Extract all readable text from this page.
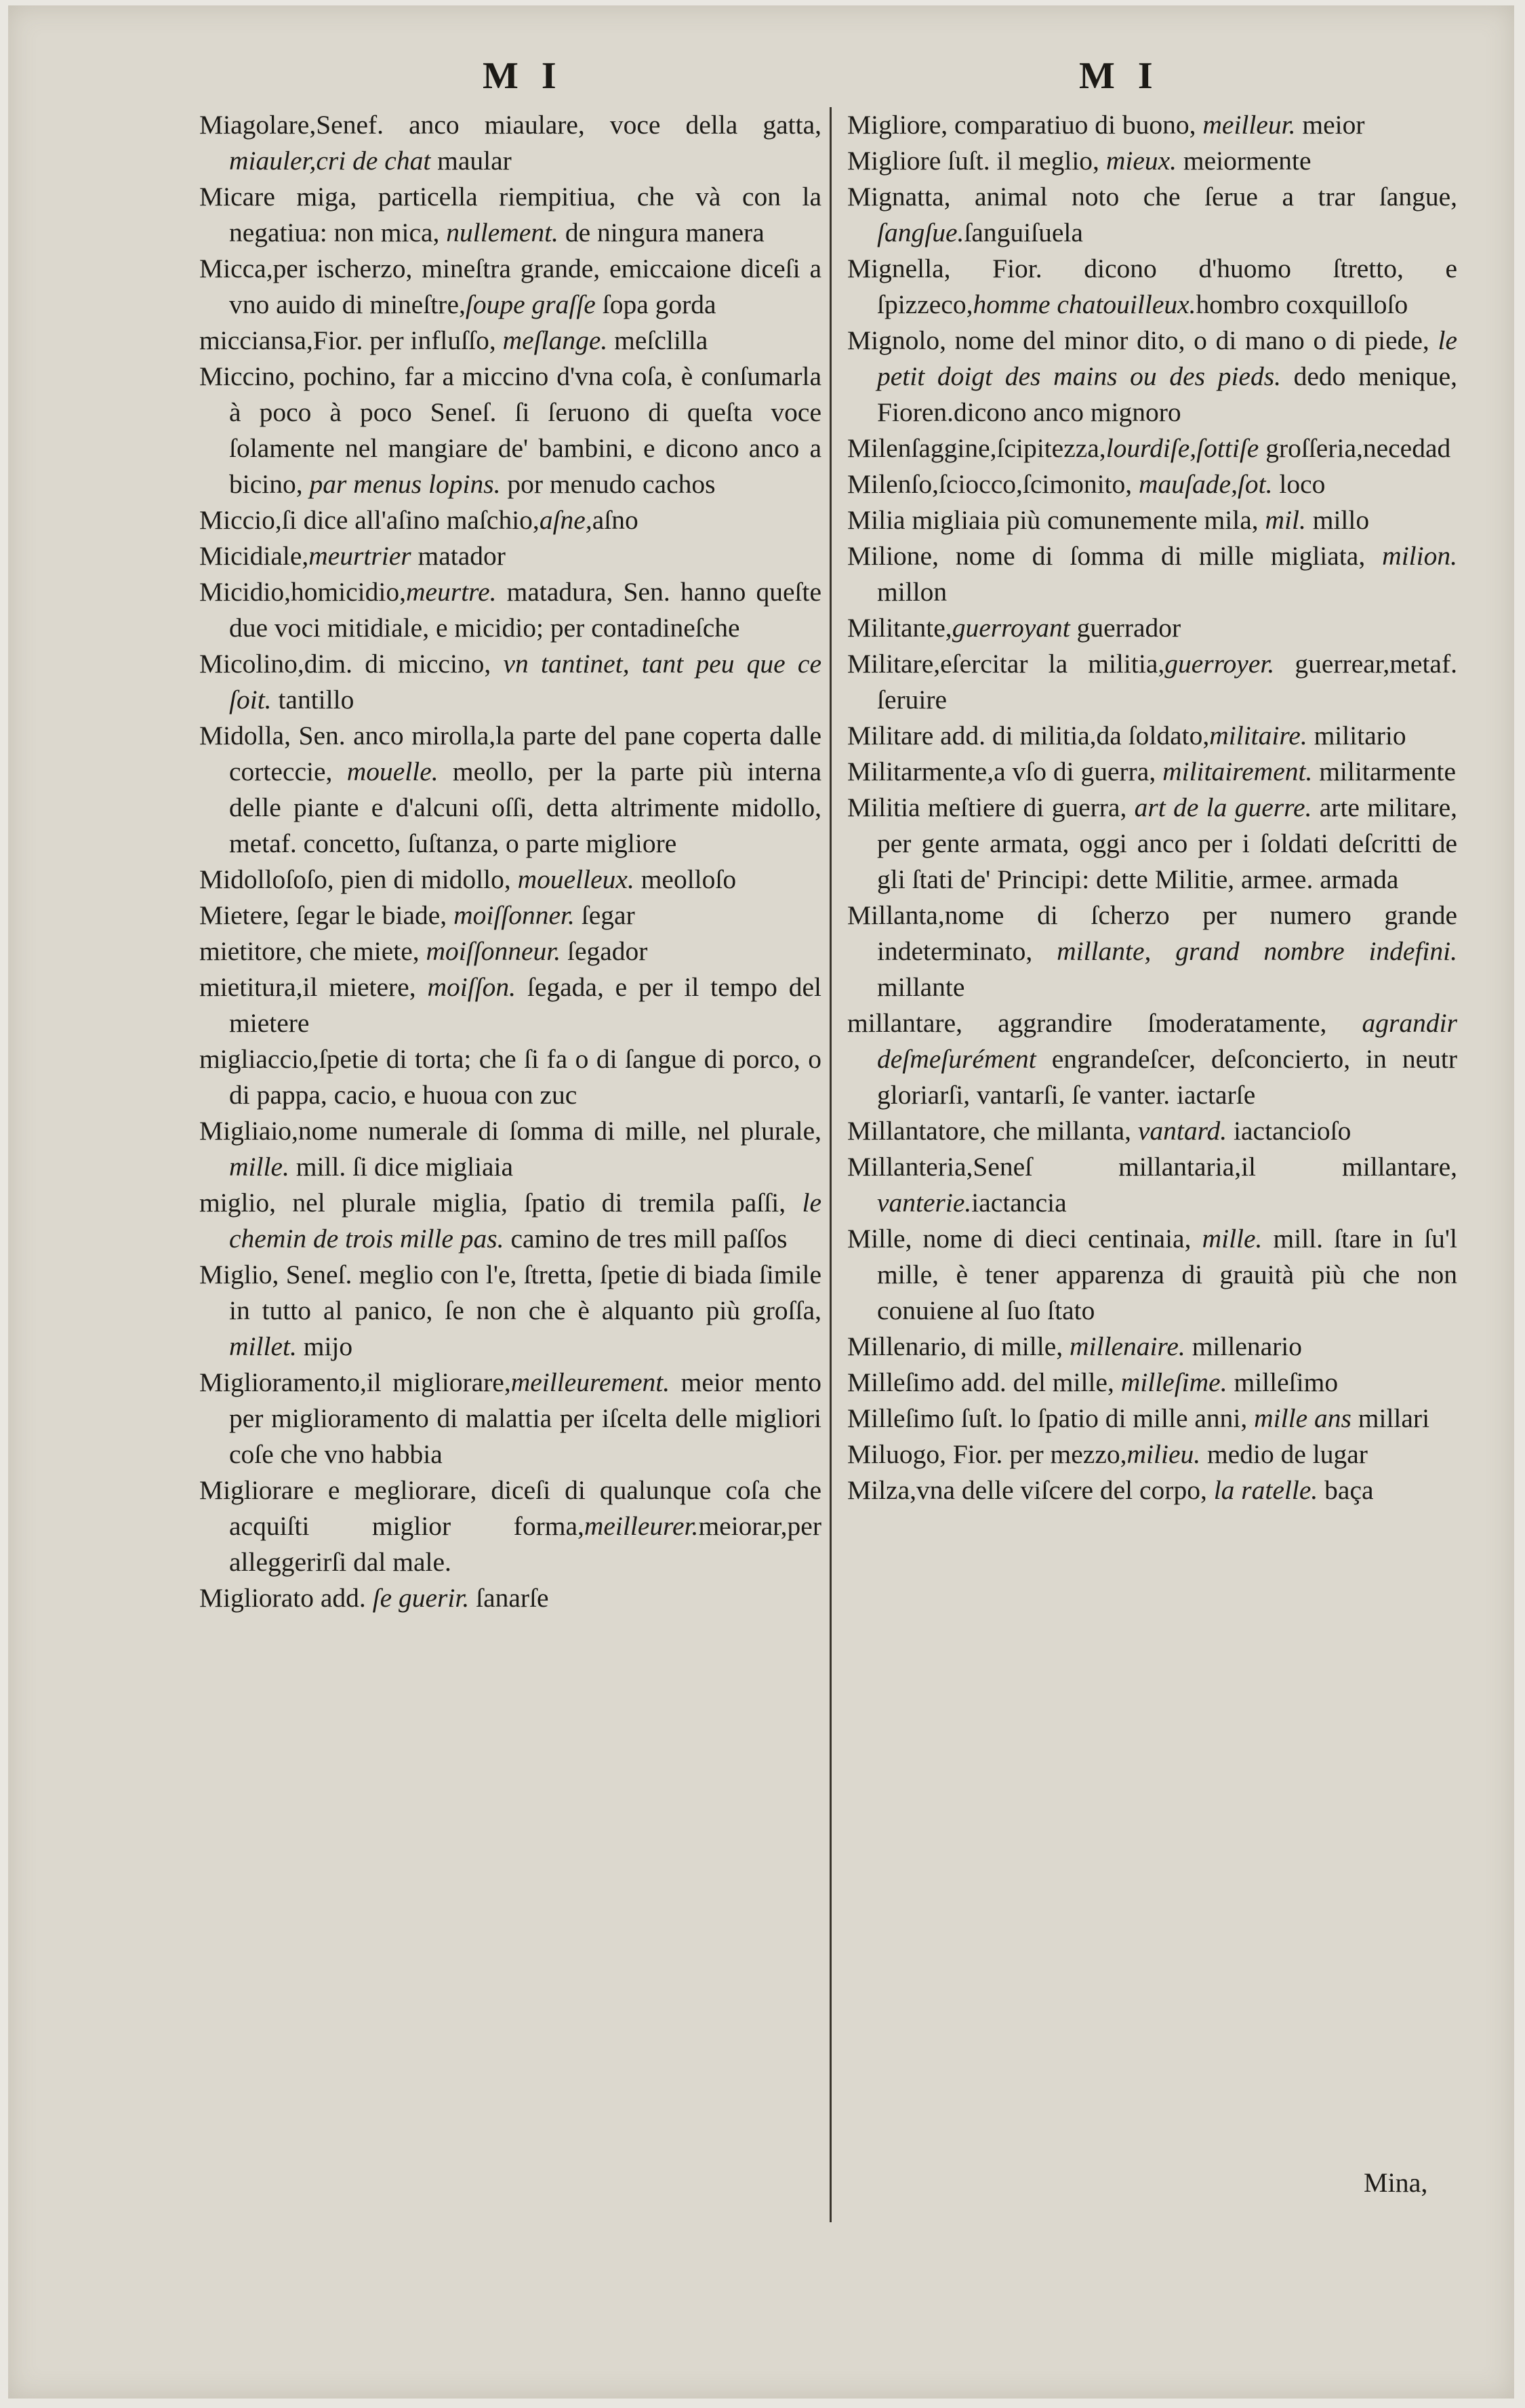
M I	M I

Miagolare,Senef. anco miaulare, voce della gatta, miauler,cri de chat maular

Micare miga, particella riempitiua, che và con la negatiua: non mica, nullement. de ningura manera

Micca,per ischerzo, mineſtra grande, emiccaione diceſi a vno auido di mineſtre,ſoupe graſſe ſopa gorda

micciansa,Fior. per influſſo, meſlange. meſclilla

Miccino, pochino, far a miccino d'vna coſa, è conſumarla à poco à poco Seneſ. ſi ſeruono di queſta voce ſolamente nel mangiare de' bambini, e dicono anco a bicino, par menus lopins. por menudo cachos

Miccio,ſi dice all'aſino maſchio,aſne,aſno

Micidiale,meurtrier matador

Micidio,homicidio,meurtre. matadura, Sen. hanno queſte due voci mitidiale, e micidio; per contadineſche

Micolino,dim. di miccino, vn tantinet, tant peu que ce ſoit. tantillo

Midolla, Sen. anco mirolla,la parte del pane coperta dalle corteccie, mouelle. meollo, per la parte più interna delle piante e d'alcuni oſſi, detta altrimente midollo, metaf. concetto, ſuſtanza, o parte migliore

Midolloſoſo, pien di midollo, mouelleux. meolloſo

Mietere, ſegar le biade, moiſſonner. ſegar

mietitore, che miete, moiſſonneur. ſegador

mietitura,il mietere, moiſſon. ſegada, e per il tempo del mietere

migliaccio,ſpetie di torta; che ſi fa o di ſangue di porco, o di pappa, cacio, e huoua con zuc

Migliaio,nome numerale di ſomma di mille, nel plurale, mille. mill. ſi dice migliaia

miglio, nel plurale miglia, ſpatio di tremila paſſi, le chemin de trois mille pas. camino de tres mill paſſos

Miglio, Seneſ. meglio con l'e, ſtretta, ſpetie di biada ſimile in tutto al panico, ſe non che è alquanto più groſſa, millet. mijo

Miglioramento,il migliorare,meilleurement. meior mento per miglioramento di malattia per iſcelta delle migliori coſe che vno habbia

Migliorare e megliorare, diceſi di qualunque coſa che acquiſti miglior forma,meilleurer.meiorar,per alleggerirſi dal male.

Migliorato add. ſe guerir. ſanarſe

Migliore, comparatiuo di buono, meilleur. meior

Migliore ſuſt. il meglio, mieux. meiormente

Mignatta, animal noto che ſerue a trar ſangue, ſangſue.ſanguiſuela

Mignella, Fior. dicono d'huomo ſtretto, e ſpizzeco,homme chatouilleux.hombro coxquilloſo

Mignolo, nome del minor dito, o di mano o di piede, le petit doigt des mains ou des pieds. dedo menique, Fioren.dicono anco mignoro

Milenſaggine,ſcipitezza,lourdiſe,ſottiſe groſſeria,necedad

Milenſo,ſciocco,ſcimonito, mauſade,ſot. loco

Milia migliaia più comunemente mila, mil. millo

Milione, nome di ſomma di mille migliata, milion. millon

Militante,guerroyant guerrador

Militare,eſercitar la militia,guerroyer. guerrear,metaf. ſeruire

Militare add. di militia,da ſoldato,militaire. militario

Militarmente,a vſo di guerra, militairement. militarmente

Militia meſtiere di guerra, art de la guerre. arte militare, per gente armata, oggi anco per i ſoldati deſcritti de gli ſtati de' Principi: dette Militie, armee. armada

Millanta,nome di ſcherzo per numero grande indeterminato, millante, grand nombre indefini. millante

millantare, aggrandire ſmoderatamente, agrandir deſmeſurément engrandeſcer, deſconcierto, in neutr gloriarſi, vantarſi, ſe vanter. iactarſe

Millantatore, che millanta, vantard. iactancioſo

Millanteria,Seneſ millantaria,il millantare, vanterie.iactancia

Mille, nome di dieci centinaia, mille. mill. ſtare in ſu'l mille, è tener apparenza di grauità più che non conuiene al ſuo ſtato

Millenario, di mille, millenaire. millenario

Milleſimo add. del mille, milleſime. milleſimo

Milleſimo ſuſt. lo ſpatio di mille anni, mille ans millari

Miluogo, Fior. per mezzo,milieu. medio de lugar

Milza,vna delle viſcere del corpo, la ratelle. baça

Mina,
